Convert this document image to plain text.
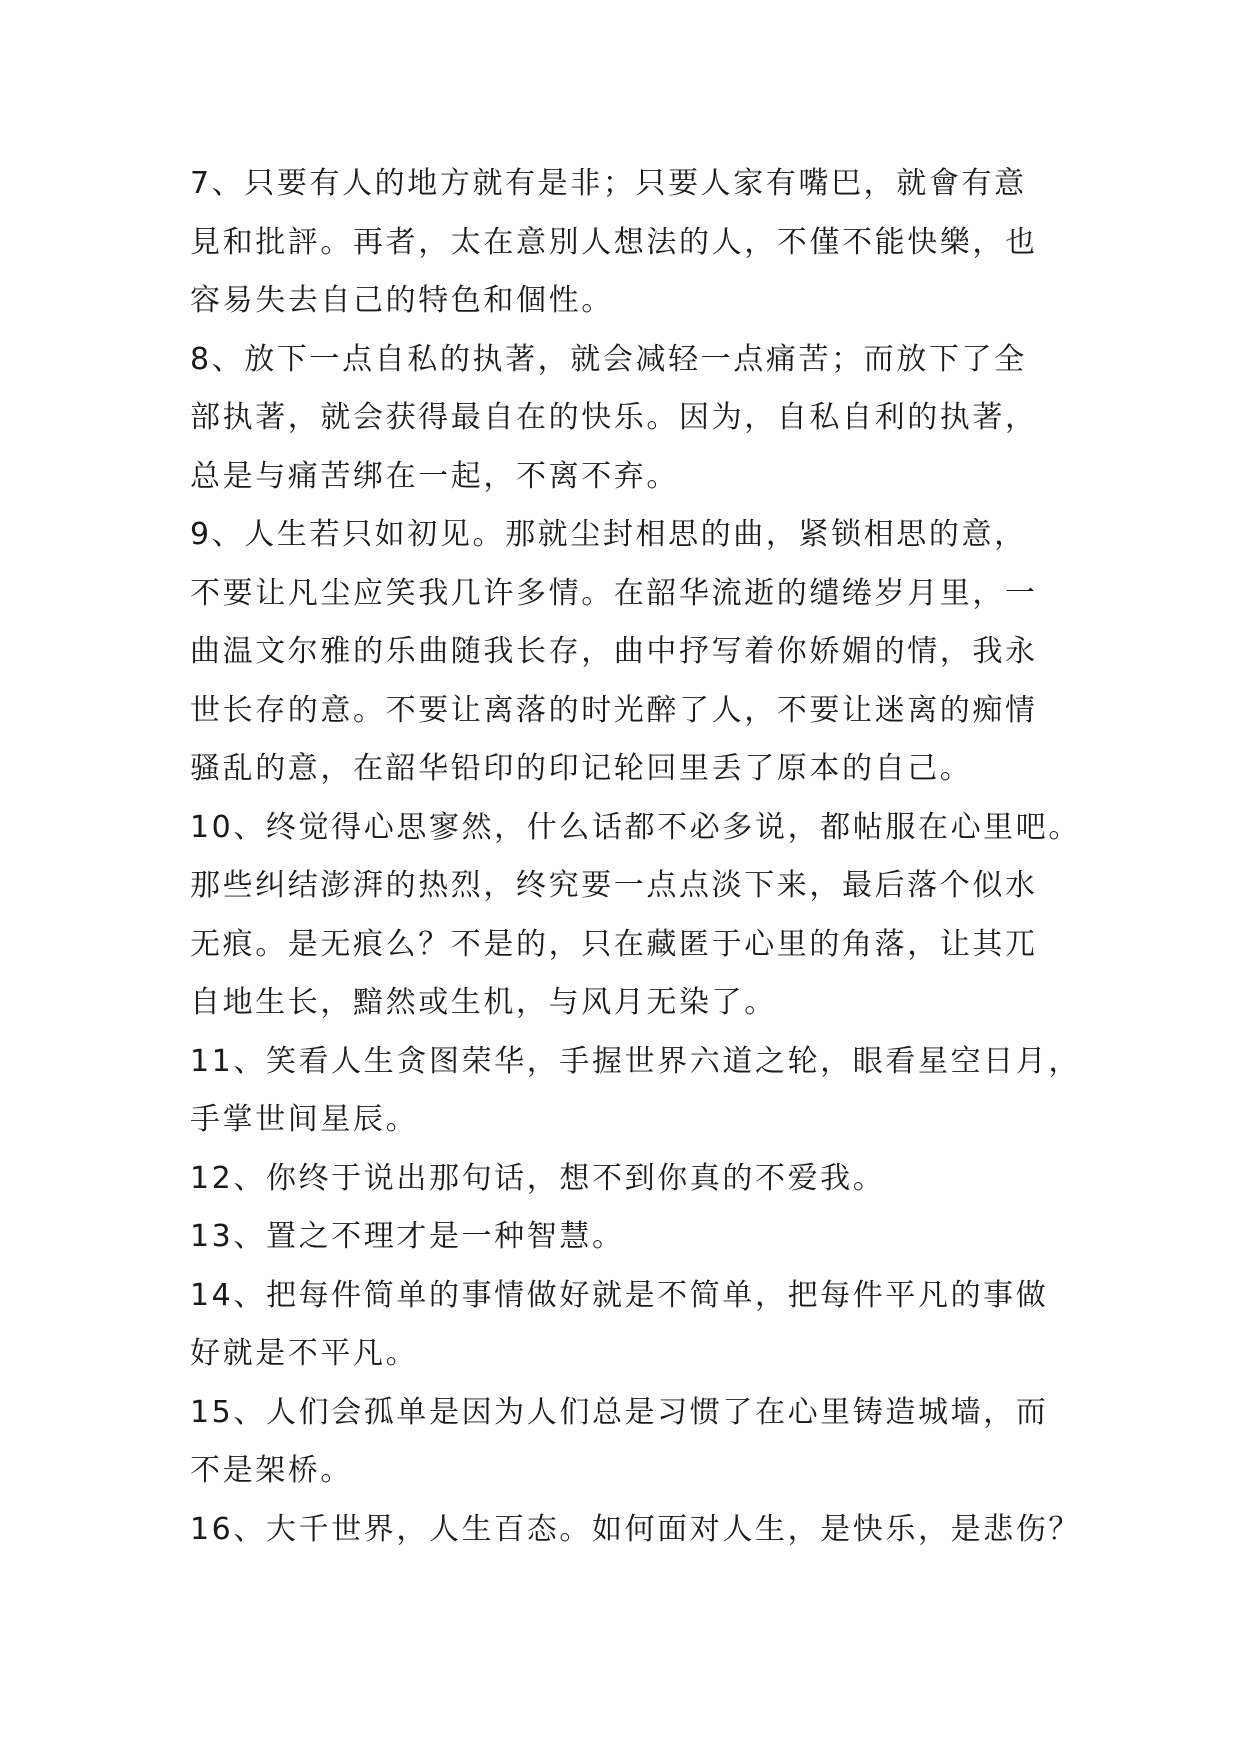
7、只要有人的地方就有是非；只要人家有嘴巴，就會有意
見和批評。再者，太在意別人想法的人，不僅不能快樂，也
容易失去自己的特色和個性。

8、放下一点自私的执著，就会减轻一点痛苦；而放下了全
部执著，就会获得最自在的快乐。因为，自私自利的执著，
总是与痛苦绑在一起，不离不弃。

9、人生若只如初见。那就尘封相思的曲，紧锁相思的意，
不要让凡尘应笑我几许多情。在韶华流逝的缱绻岁月里，一
曲温文尔雅的乐曲随我长存，曲中抒写着你娇媚的情，我永
世长存的意。不要让离落的时光醉了人，不要让迷离的痴情
骚乱的意，在韶华铅印的印记轮回里丢了原本的自己。

10、终觉得心思寥然，什么话都不必多说，都帖服在心里吧。
那些纠结澎湃的热烈，终究要一点点淡下来，最后落个似水
无痕。是无痕么？不是的，只在藏匿于心里的角落，让其兀
自地生长，黯然或生机，与风月无染了。

11、笑看人生贪图荣华，手握世界六道之轮，眼看星空日月，
手掌世间星辰。

12、你终于说出那句话，想不到你真的不爱我。

13、置之不理才是一种智慧。

14、把每件简单的事情做好就是不简单，把每件平凡的事做
好就是不平凡。

15、人们会孤单是因为人们总是习惯了在心里铸造城墙，而
不是架桥。

16、大千世界，人生百态。如何面对人生，是快乐，是悲伤？
